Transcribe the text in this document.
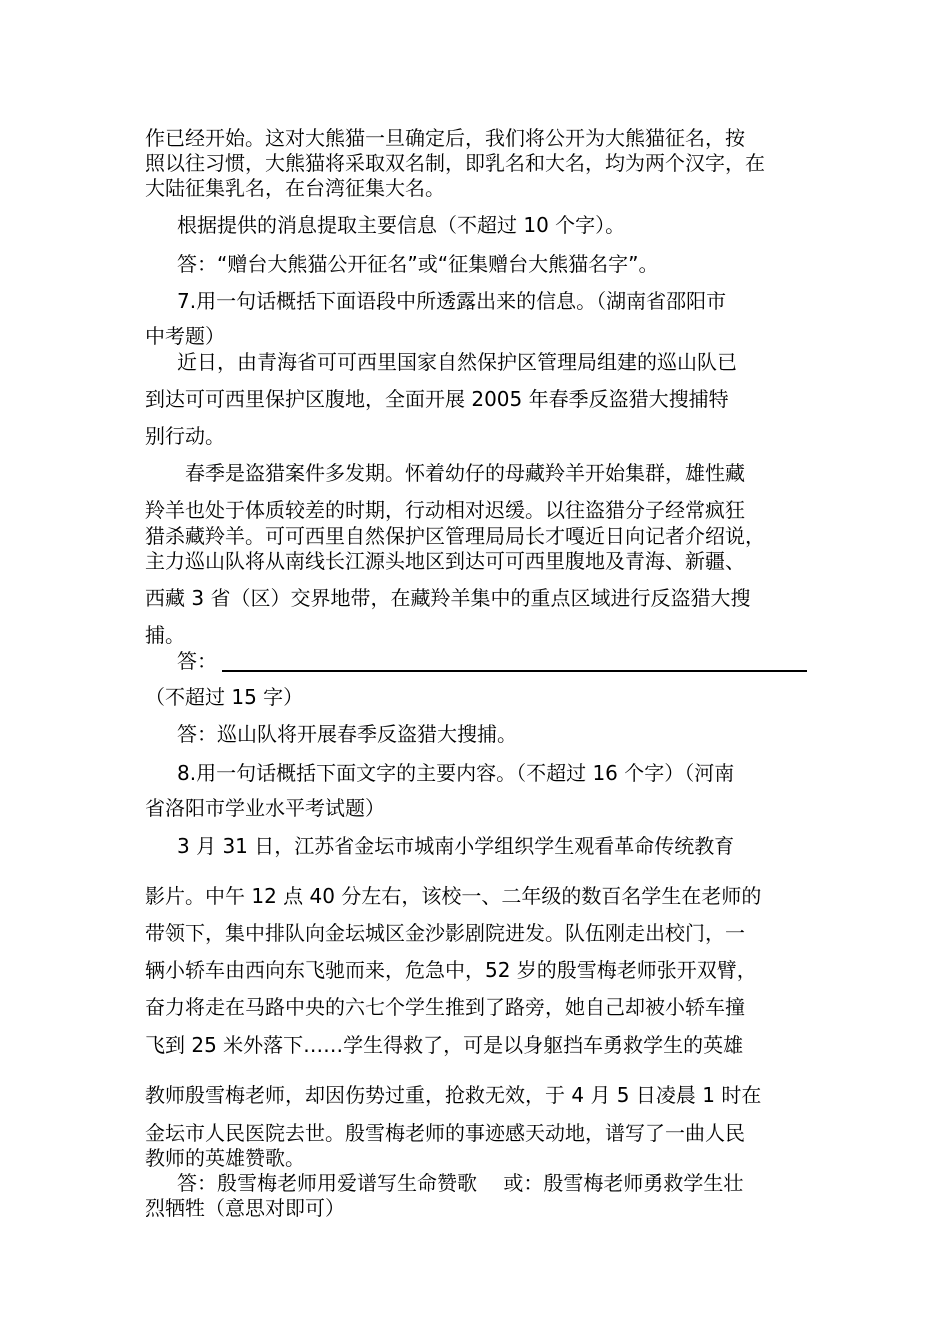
作已经开始。这对大熊猫一旦确定后，我们将公开为大熊猫征名，按
照以往习惯，大熊猫将采取双名制，即乳名和大名，均为两个汉字，在
大陆征集乳名，在台湾征集大名。
根据提供的消息提取主要信息（不超过 10 个字）。
答：“赠台大熊猫公开征名”或“征集赠台大熊猫名字”。
7.用一句话概括下面语段中所透露出来的信息。（湖南省邵阳市
中考题）
近日，由青海省可可西里国家自然保护区管理局组建的巡山队已
到达可可西里保护区腹地，全面开展 2005 年春季反盗猎大搜捕特
别行动。
春季是盗猎案件多发期。怀着幼仔的母藏羚羊开始集群，雄性藏
羚羊也处于体质较差的时期，行动相对迟缓。以往盗猎分子经常疯狂
猎杀藏羚羊。可可西里自然保护区管理局局长才嘎近日向记者介绍说，
主力巡山队将从南线长江源头地区到达可可西里腹地及青海、新疆、
西藏 3 省（区）交界地带，在藏羚羊集中的重点区域进行反盗猎大搜
捕。
答：
（不超过 15 字）
答：巡山队将开展春季反盗猎大搜捕。
8.用一句话概括下面文字的主要内容。（不超过 16 个字）（河南
省洛阳市学业水平考试题）
3 月 31 日，江苏省金坛市城南小学组织学生观看革命传统教育
影片。中午 12 点 40 分左右，该校一、二年级的数百名学生在老师的
带领下，集中排队向金坛城区金沙影剧院进发。队伍刚走出校门，一
辆小轿车由西向东飞驰而来，危急中，52 岁的殷雪梅老师张开双臂，
奋力将走在马路中央的六七个学生推到了路旁，她自己却被小轿车撞
飞到 25 米外落下……学生得救了，可是以身躯挡车勇救学生的英雄
教师殷雪梅老师，却因伤势过重，抢救无效，于 4 月 5 日凌晨 1 时在
金坛市人民医院去世。殷雪梅老师的事迹感天动地，谱写了一曲人民
教师的英雄赞歌。
答：殷雪梅老师用爱谱写生命赞歌　 或：殷雪梅老师勇救学生壮
烈牺牲（意思对即可）
